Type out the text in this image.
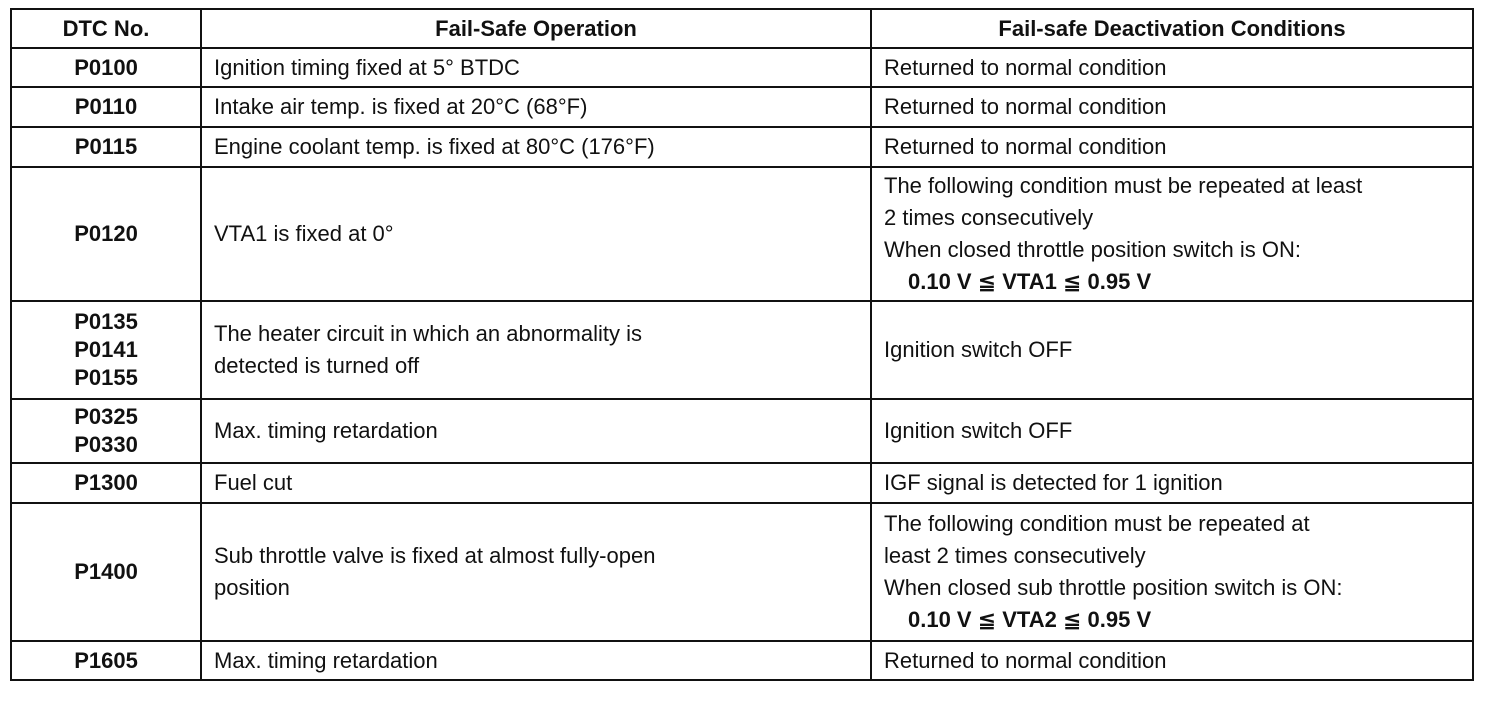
DTC No.	Fail-Safe Operation	Fail-safe Deactivation Conditions

P0100	Ignition timing fixed at 5° BTDC	Returned to normal condition

P0110	Intake air temp. is fixed at 20°C (68°F)	Returned to normal condition

P0115	Engine coolant temp. is fixed at 80°C (176°F)	Returned to normal condition

P0120	VTA1 is fixed at 0°	The following condition must be repeated at least
2 times consecutively
When closed throttle position switch is ON:
0.10 V ≦ VTA1 ≦ 0.95 V

P0135
P0141
P0155	The heater circuit in which an abnormality is
detected is turned off	Ignition switch OFF

P0325
P0330	Max. timing retardation	Ignition switch OFF

P1300	Fuel cut	IGF signal is detected for 1 ignition

P1400	Sub throttle valve is fixed at almost fully-open
position	The following condition must be repeated at
least 2 times consecutively
When closed sub throttle position switch is ON:
0.10 V ≦ VTA2 ≦ 0.95 V

P1605	Max. timing retardation	Returned to normal condition
